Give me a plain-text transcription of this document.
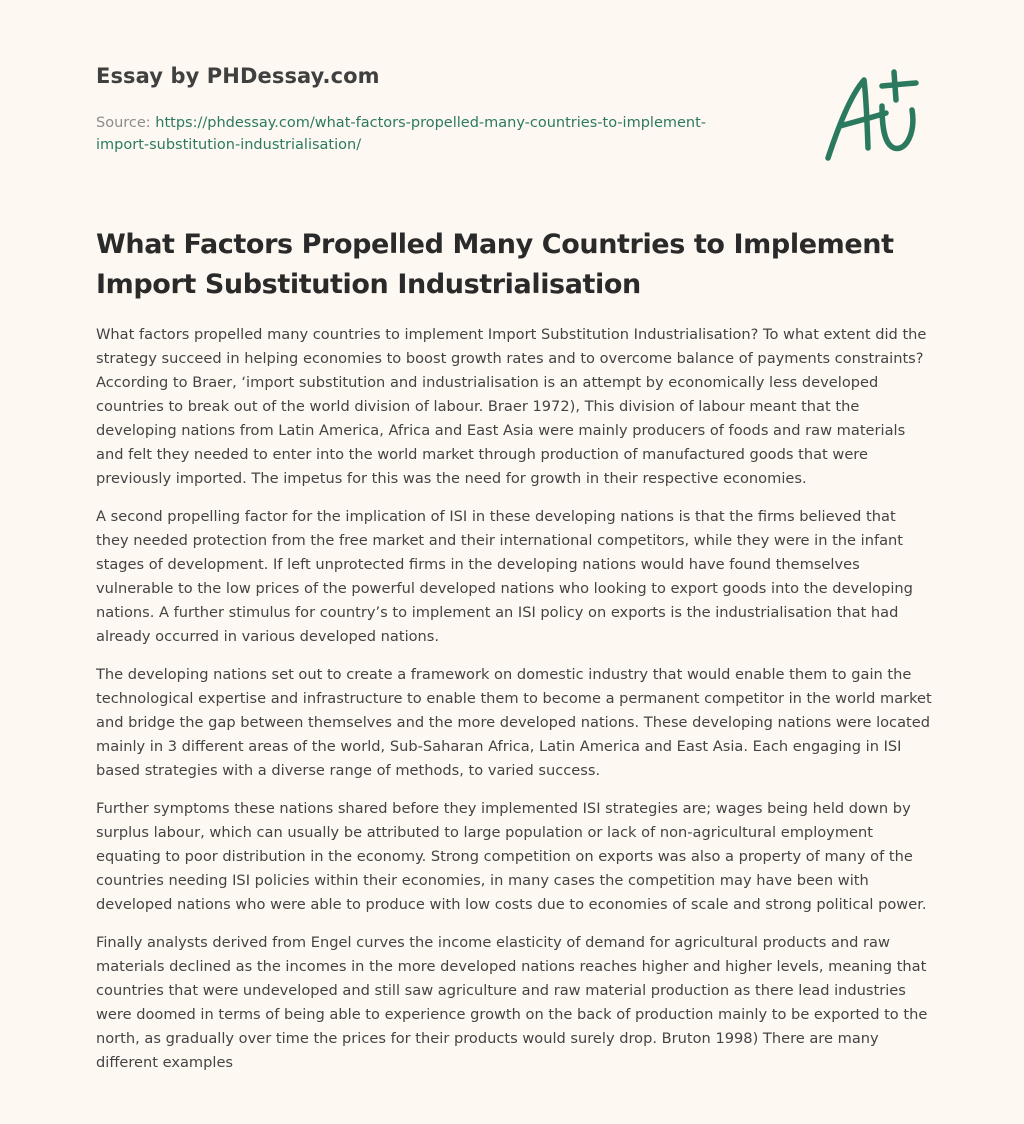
Essay by PHDessay.com
Source: https://phdessay.com/what-factors-propelled-many-countries-to-implement-import-substitution-industrialisation/
What Factors Propelled Many Countries to Implement Import Substitution Industrialisation

What factors propelled many countries to implement Import Substitution Industrialisation? To what extent did the strategy succeed in helping economies to boost growth rates and to overcome balance of payments constraints? According to Braer, ‘import substitution and industrialisation is an attempt by economically less developed countries to break out of the world division of labour. Braer 1972), This division of labour meant that the developing nations from Latin America, Africa and East Asia were mainly producers of foods and raw materials and felt they needed to enter into the world market through production of manufactured goods that were previously imported. The impetus for this was the need for growth in their respective economies.

A second propelling factor for the implication of ISI in these developing nations is that the firms believed that they needed protection from the free market and their international competitors, while they were in the infant stages of development. If left unprotected firms in the developing nations would have found themselves vulnerable to the low prices of the powerful developed nations who looking to export goods into the developing nations. A further stimulus for country’s to implement an ISI policy on exports is the industrialisation that had already occurred in various developed nations.

The developing nations set out to create a framework on domestic industry that would enable them to gain the technological expertise and infrastructure to enable them to become a permanent competitor in the world market and bridge the gap between themselves and the more developed nations. These developing nations were located mainly in 3 different areas of the world, Sub-Saharan Africa, Latin America and East Asia. Each engaging in ISI based strategies with a diverse range of methods, to varied success.

Further symptoms these nations shared before they implemented ISI strategies are; wages being held down by surplus labour, which can usually be attributed to large population or lack of non-agricultural employment equating to poor distribution in the economy. Strong competition on exports was also a property of many of the countries needing ISI policies within their economies, in many cases the competition may have been with developed nations who were able to produce with low costs due to economies of scale and strong political power.

Finally analysts derived from Engel curves the income elasticity of demand for agricultural products and raw materials declined as the incomes in the more developed nations reaches higher and higher levels, meaning that countries that were undeveloped and still saw agriculture and raw material production as there lead industries were doomed in terms of being able to experience growth on the back of production mainly to be exported to the north, as gradually over time the prices for their products would surely drop. Bruton 1998) There are many different examples
